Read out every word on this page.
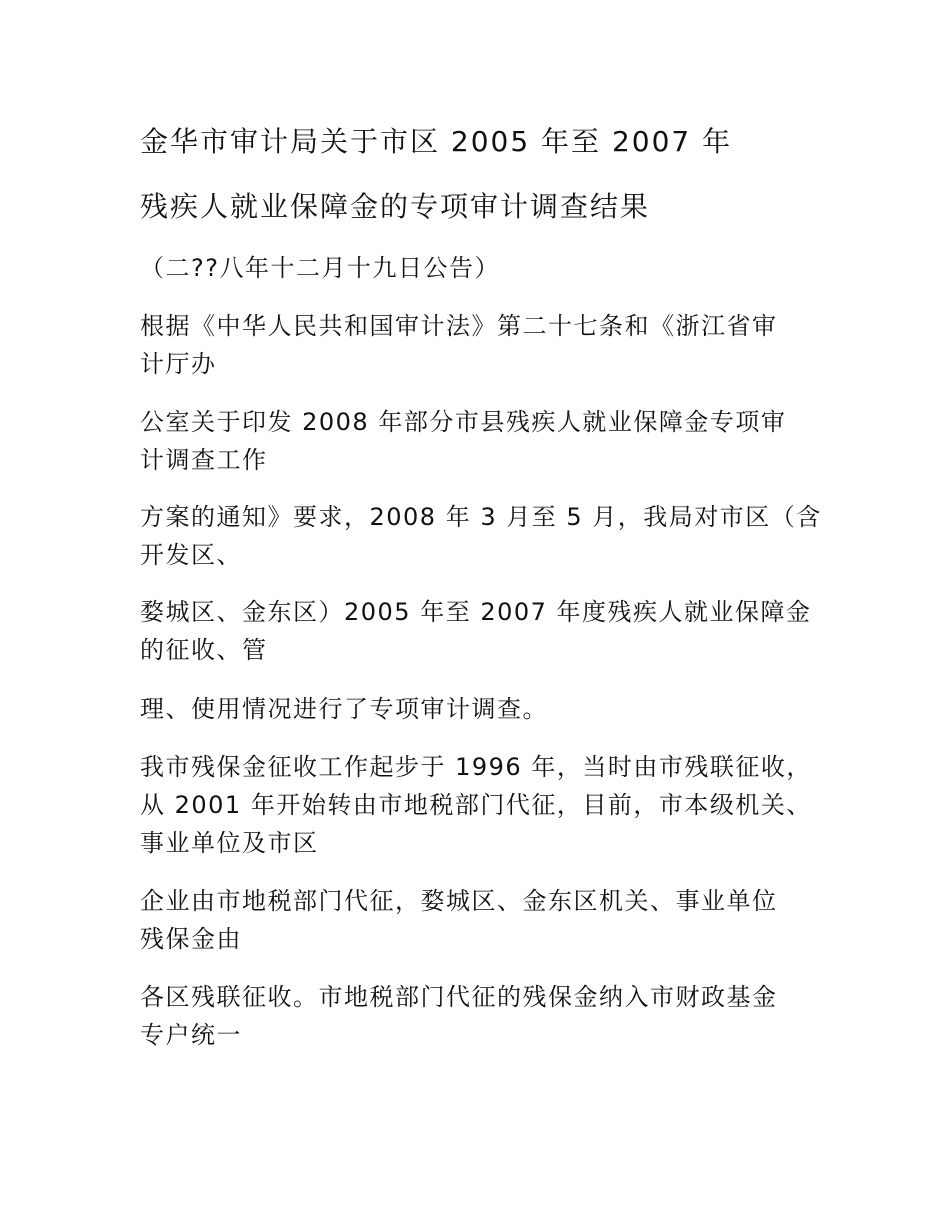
金华市审计局关于市区 2005 年至 2007 年
残疾人就业保障金的专项审计调查结果
（二??八年十二月十九日公告）
根据《中华人民共和国审计法》第二十七条和《浙江省审
计厅办
公室关于印发 2008 年部分市县残疾人就业保障金专项审
计调查工作
方案的通知》要求，2008 年 3 月至 5 月，我局对市区（含
开发区、
婺城区、金东区）2005 年至 2007 年度残疾人就业保障金
的征收、管
理、使用情况进行了专项审计调查。
我市残保金征收工作起步于 1996 年，当时由市残联征收，
从 2001 年开始转由市地税部门代征，目前，市本级机关、
事业单位及市区
企业由市地税部门代征，婺城区、金东区机关、事业单位
残保金由
各区残联征收。市地税部门代征的残保金纳入市财政基金
专户统一
